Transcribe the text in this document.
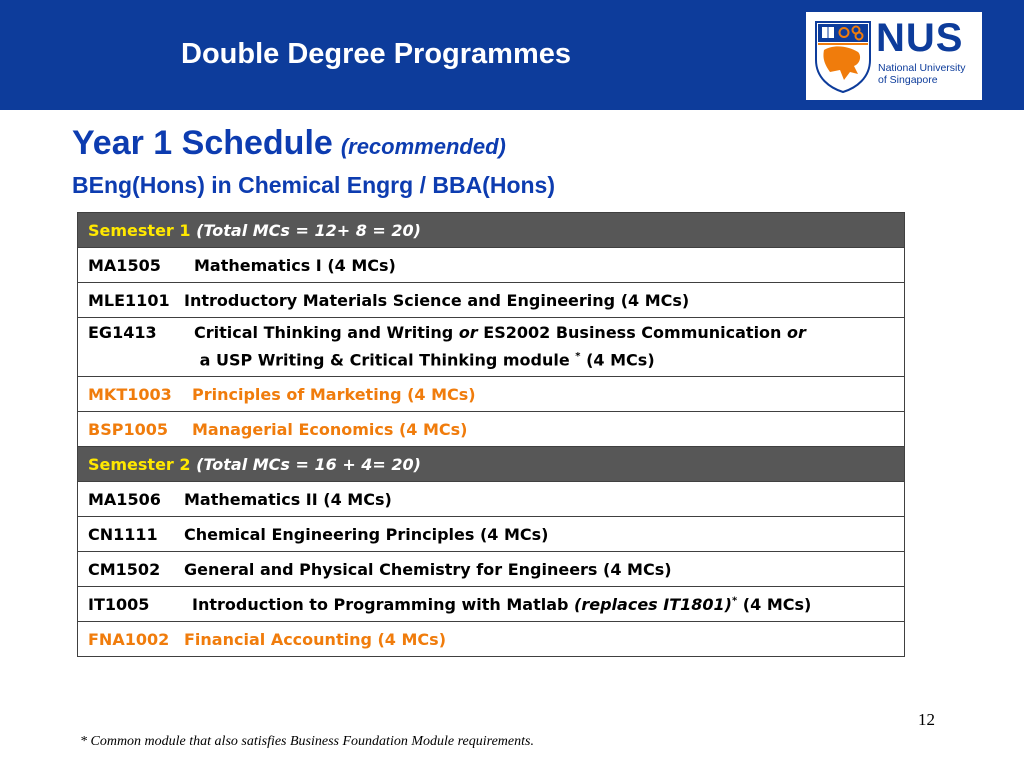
Double Degree Programmes	NUS
National University
of Singapore
Year 1 Schedule (recommended)
BEng(Hons) in Chemical Engrg / BBA(Hons)
Semester 1 (Total MCs = 12+ 8 = 20)
MA1505 Mathematics I (4 MCs)
MLE1101 Introductory Materials Science and Engineering (4 MCs)
EG1413 Critical Thinking and Writing or ES2002 Business Communication or
a USP Writing & Critical Thinking module * (4 MCs)
MKT1003 Principles of Marketing (4 MCs)
BSP1005 Managerial Economics (4 MCs)
Semester 2 (Total MCs = 16 + 4= 20)
MA1506 Mathematics II (4 MCs)
CN1111 Chemical Engineering Principles (4 MCs)
CM1502 General and Physical Chemistry for Engineers (4 MCs)
IT1005	Introduction to Programming with Matlab (replaces IT1801)* (4 MCs)
FNA1002 Financial Accounting (4 MCs)
12
* Common module that also satisfies Business Foundation Module requirements.
